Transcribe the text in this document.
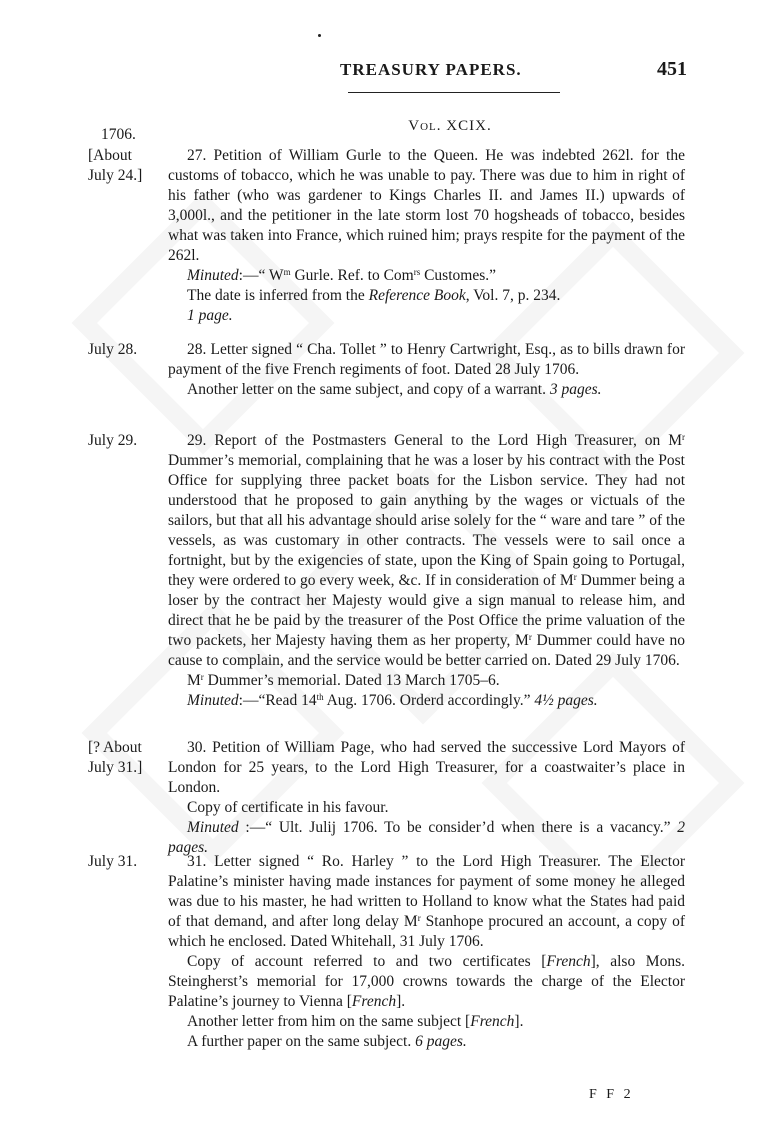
TREASURY PAPERS.	451
Vol. XCIX.
1706.
[About
July 24.]

27. Petition of William Gurle to the Queen. He was indebted 262l. for the customs of tobacco, which he was unable to pay. There was due to him in right of his father (who was gardener to Kings Charles II. and James II.) upwards of 3,000l., and the petitioner in the late storm lost 70 hogsheads of tobacco, besides what was taken into France, which ruined him; prays respite for the payment of the 262l.

Minuted:—“ $W^m$ Gurle. Ref. to Com$^{rs}$ Customes.”

The date is inferred from the Reference Book, Vol. 7, p. 234.

1 page.

July 28.	28. Letter signed “ Cha. Tollet ” to Henry Cartwright, Esq., as to bills drawn for payment of the five French regiments of foot. Dated 28 July 1706.

Another letter on the same subject, and copy of a warrant. 3 pages.

July 29.	29. Report of the Postmasters General to the Lord High Treasurer, on $M^r$ Dummer’s memorial, complaining that he was a loser by his contract with the Post Office for supplying three packet boats for the Lisbon service. They had not understood that he proposed to gain anything by the wages or victuals of the sailors, but that all his advantage should arise solely for the “ ware and tare ” of the vessels, as was customary in other contracts. The vessels were to sail once a fortnight, but by the exigencies of state, upon the King of Spain going to Portugal, they were ordered to go every week, &c. If in consideration of $M^r$ Dummer being a loser by the contract her Majesty would give a sign manual to release him, and direct that he be paid by the treasurer of the Post Office the prime valuation of the two packets, her Majesty having them as her property, $M^r$ Dummer could have no cause to complain, and the service would be better carried on. Dated 29 July 1706.

$M^r$ Dummer’s memorial. Dated 13 March 1705–6.

Minuted:—“Read 14th Aug. 1706. Orderd accordingly.” 4½ pages.

[? About
July 31.]

30. Petition of William Page, who had served the successive Lord Mayors of London for 25 years, to the Lord High Treasurer, for a coastwaiter’s place in London.

Copy of certificate in his favour.

Minuted :—“ Ult. Julij 1706. To be consider’d when there is a vacancy.” 2 pages.

July 31.	31. Letter signed “ Ro. Harley ” to the Lord High Treasurer. The Elector Palatine’s minister having made instances for payment of some money he alleged was due to his master, he had written to Holland to know what the States had paid of that demand, and after long delay $M^r$ Stanhope procured an account, a copy of which he enclosed. Dated Whitehall, 31 July 1706.

Copy of account referred to and two certificates [French], also Mons. Steingherst’s memorial for 17,000 crowns towards the charge of the Elector Palatine’s journey to Vienna [French].

Another letter from him on the same subject [French].

A further paper on the same subject. 6 pages.

F F 2
